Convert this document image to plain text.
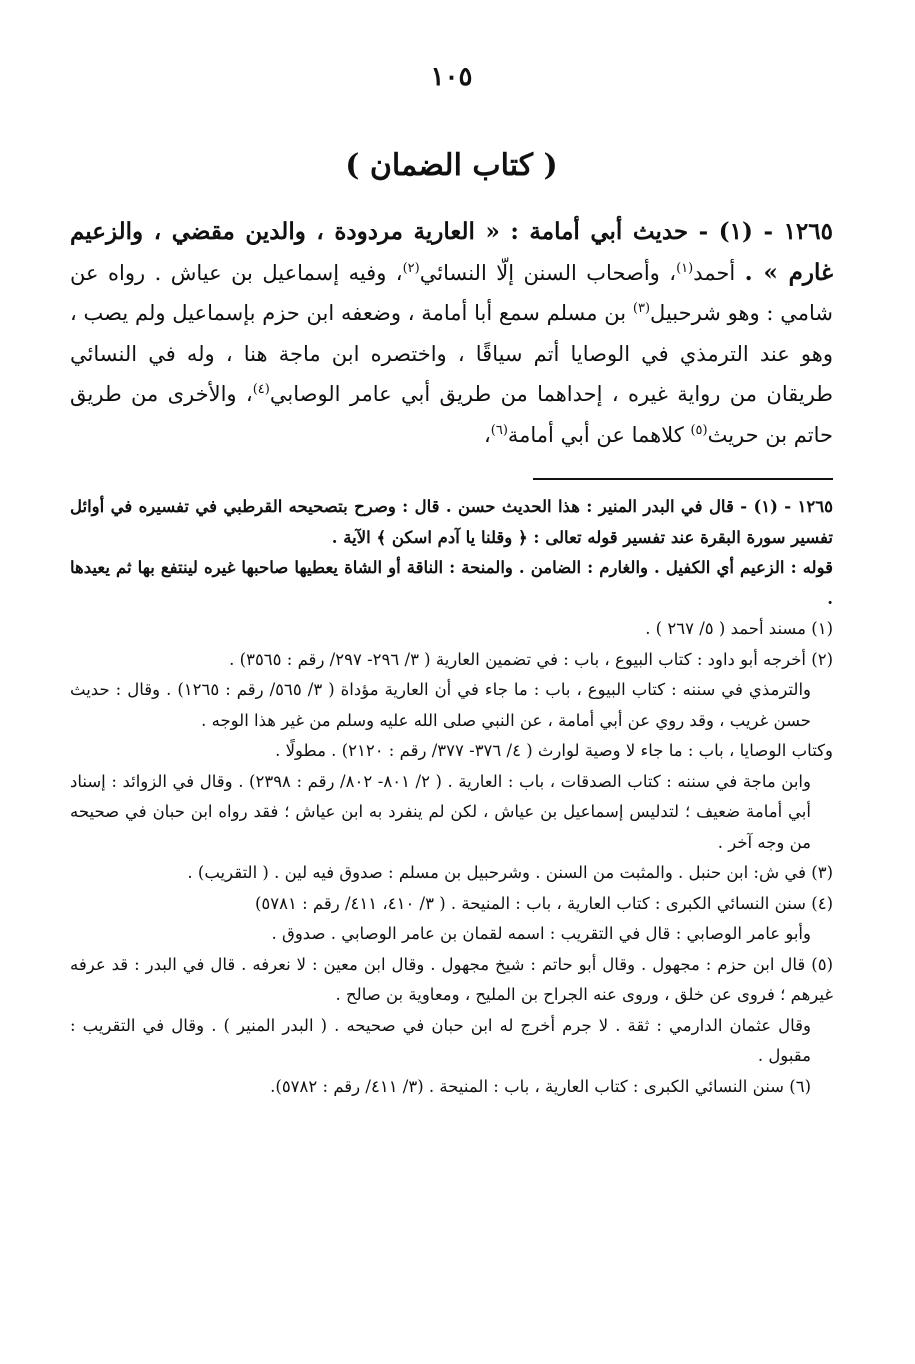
١٠٥
( كتاب الضمان )

١٢٦٥ - (١) - حديث أبي أمامة : « العارية مردودة ، والدين مقضي ، والزعيم غارم » . أحمد$^{(١)}$، وأصحاب السنن إلّا النسائي$^{(٢)}$، وفيه إسماعيل بن عياش . رواه عن شامي : وهو شرحبيل$^{(٣)}$ بن مسلم سمع أبا أمامة ، وضعفه ابن حزم بإسماعيل ولم يصب ، وهو عند الترمذي في الوصايا أتم سياقًا ، واختصره ابن ماجة هنا ، وله في النسائي طريقان من رواية غيره ، إحداهما من طريق أبي عامر الوصابي$^{(٤)}$، والأخرى من طريق حاتم بن حريث$^{(٥)}$ كلاهما عن أبي أمامة$^{(٦)}$،

١٢٦٥ - (١) - قال في البدر المنير : هذا الحديث حسن . قال : وصرح بتصحيحه القرطبي في تفسيره في أوائل تفسير سورة البقرة عند تفسير قوله تعالى : ﴿ وقلنا يا آدم اسكن ﴾ الآية .

قوله : الزعيم أي الكفيل . والغارم : الضامن . والمنحة : الناقة أو الشاة يعطيها صاحبها غيره لينتفع بها ثم يعيدها .

(١) مسند أحمد ( ٥/ ٢٦٧ ) .

(٢) أخرجه أبو داود : كتاب البيوع ، باب : في تضمين العارية ( ٣/ ٢٩٦- ٢٩٧/ رقم : ٣٥٦٥) .

والترمذي في سننه : كتاب البيوع ، باب : ما جاء في أن العارية مؤداة ( ٣/ ٥٦٥/ رقم : ١٢٦٥) . وقال : حديث حسن غريب ، وقد روي عن أبي أمامة ، عن النبي صلى الله عليه وسلم من غير هذا الوجه .

وكتاب الوصايا ، باب : ما جاء لا وصية لوارث ( ٤/ ٣٧٦- ٣٧٧/ رقم : ٢١٢٠) . مطولًا .

وابن ماجة في سننه : كتاب الصدقات ، باب : العارية . ( ٢/ ٨٠١- ٨٠٢/ رقم : ٢٣٩٨) . وقال في الزوائد : إسناد أبي أمامة ضعيف ؛ لتدليس إسماعيل بن عياش ، لكن لم ينفرد به ابن عياش ؛ فقد رواه ابن حبان في صحيحه من وجه آخر .

(٣) في ش: ابن حنبل . والمثبت من السنن . وشرحبيل بن مسلم : صدوق فيه لين . ( التقريب) .

(٤) سنن النسائي الكبرى : كتاب العارية ، باب : المنيحة . ( ٣/ ٤١٠، ٤١١/ رقم : ٥٧٨١)

وأبو عامر الوصابي : قال في التقريب : اسمه لقمان بن عامر الوصابي . صدوق .

(٥) قال ابن حزم : مجهول . وقال أبو حاتم : شيخ مجهول . وقال ابن معين : لا نعرفه . قال في البدر : قد عرفه غيرهم ؛ فروى عن خلق ، وروى عنه الجراح بن المليح ، ومعاوية بن صالح .

وقال عثمان الدارمي : ثقة . لا جرم أخرج له ابن حبان في صحيحه . ( البدر المنير ) . وقال في التقريب : مقبول .

(٦) سنن النسائي الكبرى : كتاب العارية ، باب : المنيحة . (٣/ ٤١١/ رقم : ٥٧٨٢).
